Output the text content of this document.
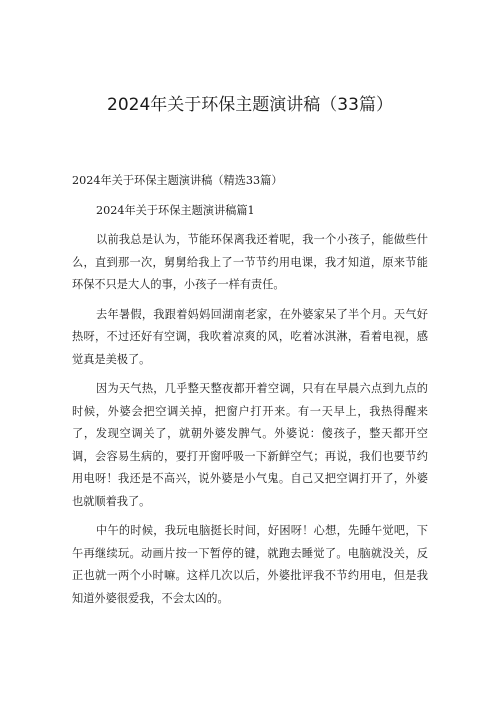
2024年关于环保主题演讲稿（33篇）

2024年关于环保主题演讲稿（精选33篇）

2024年关于环保主题演讲稿篇1

以前我总是认为，节能环保离我还着呢，我一个小孩子，能做些什么，直到那一次，舅舅给我上了一节节约用电课，我才知道，原来节能环保不只是大人的事，小孩子一样有责任。

去年暑假，我跟着妈妈回湖南老家，在外婆家呆了半个月。天气好热呀，不过还好有空调，我吹着凉爽的风，吃着冰淇淋，看着电视，感觉真是美极了。

因为天气热，几乎整天整夜都开着空调，只有在早晨六点到九点的时候，外婆会把空调关掉，把窗户打开来。有一天早上，我热得醒来了，发现空调关了，就朝外婆发脾气。外婆说：傻孩子，整天都开空调，会容易生病的，要打开窗呼吸一下新鲜空气；再说，我们也要节约用电呀！我还是不高兴，说外婆是小气鬼。自己又把空调打开了，外婆也就顺着我了。

中午的时候，我玩电脑挺长时间，好困呀！心想，先睡午觉吧，下午再继续玩。动画片按一下暂停的键，就跑去睡觉了。电脑就没关，反正也就一两个小时嘛。这样几次以后，外婆批评我不节约用电，但是我知道外婆很爱我，不会太凶的。
